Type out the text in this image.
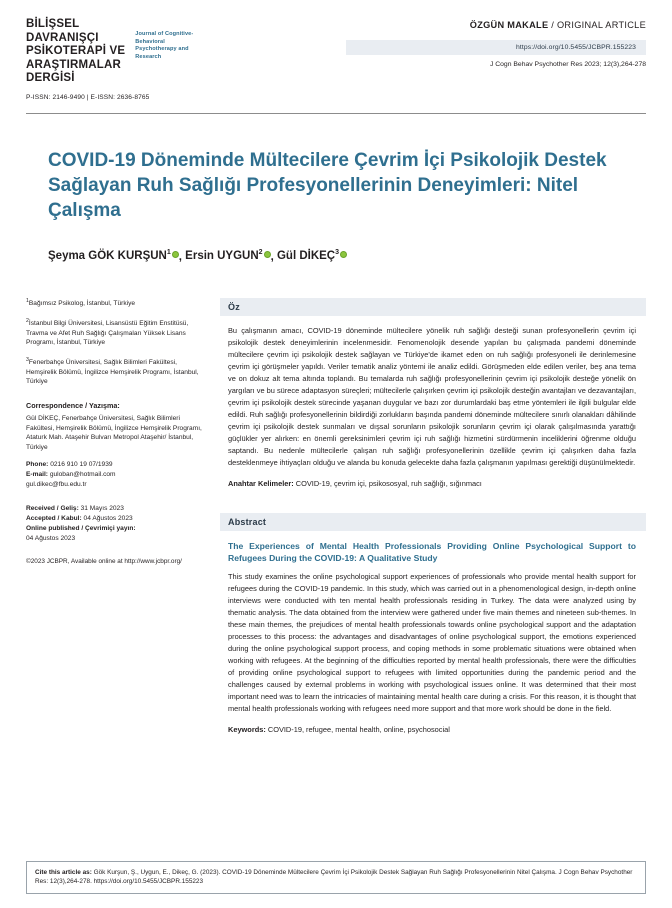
BİLİŞSEL
DAVRANIŞÇI
PSİKOTERAPİ VE
ARAŞTIRMALAR
DERGİSİ
Journal of Cognitive-Behavioral Psychotherapy and Research
P-ISSN: 2146-9490 | E-ISSN: 2636-8765
ÖZGÜN MAKALE / ORIGINAL ARTICLE
https://doi.org/10.5455/JCBPR.155223
J Cogn Behav Psychother Res 2023; 12(3),264-278
COVID-19 Döneminde Mültecilere Çevrim İçi Psikolojik Destek Sağlayan Ruh Sağlığı Profesyonellerinin Deneyimleri: Nitel Çalışma
Şeyma GÖK KURŞUN$^1$ , Ersin UYGUN$^2$ , Gül DİKEÇ$^3$
$^1$Bağımsız Psikolog, İstanbul, Türkiye
$^2$İstanbul Bilgi Üniversitesi, Lisansüstü Eğitim Enstitüsü, Travma ve Afet Ruh Sağlığı Çalışmaları Yüksek Lisans Programı, İstanbul, Türkiye
$^3$Fenerbahçe Üniversitesi, Sağlık Bilimleri Fakültesi, Hemşirelik Bölümü, İngilizce Hemşirelik Programı, İstanbul, Türkiye
Correspondence / Yazışma:
Gül DİKEÇ, Fenerbahçe Üniversitesi, Sağlık Bilimleri Fakültesi, Hemşirelik Bölümü, İngilizce Hemşirelik Programı, Ataturk Mah. Ataşehir Bulvarı Metropol Ataşehir/ İstanbul, Türkiye
Phone: 0216 910 19 07/1939
E-mail: guloban@hotmail.com
gul.dikec@fbu.edu.tr
Received / Geliş: 31 Mayıs 2023
Accepted / Kabul: 04 Ağustos 2023
Online published / Çevrimiçi yayın:
04 Ağustos 2023
©2023 JCBPR, Available online at http://www.jcbpr.org/
Öz

Bu çalışmanın amacı, COVID-19 döneminde mültecilere yönelik ruh sağlığı desteği sunan profesyonellerin çevrim içi psikolojik destek deneyimlerinin incelenmesidir. Fenomenolojik desende yapılan bu çalışmada pandemi döneminde mültecilere çevrim içi psikolojik destek sağlayan ve Türkiye'de ikamet eden on ruh sağlığı profesyoneli ile derinlemesine çevrim içi görüşmeler yapıldı. Veriler tematik analiz yöntemi ile analiz edildi. Görüşmeden elde edilen veriler, beş ana tema ve on dokuz alt tema altında toplandı. Bu temalarda ruh sağlığı profesyonellerinin çevrim içi psikolojik desteğe yönelik ön yargıları ve bu sürece adaptasyon süreçleri; mültecilerle çalışırken çevrim içi psikolojik desteğin avantajları ve dezavantajları, çevrim içi psikolojik destek sürecinde yaşanan duygular ve bazı zor durumlardaki baş etme yöntemleri ile ilgili bulgular elde edildi. Ruh sağlığı profesyonellerinin bildirdiği zorlukların başında pandemi döneminde mültecilere sınırlı olanakları dâhilinde çevrim içi psikolojik destek sunmaları ve dışsal sorunların psikolojik sorunların çevrim içi olarak çalışılmasında yarattığı güçlükler yer alırken: en önemli gereksinimleri çevrim içi ruh sağlığı hizmetini sürdürmenin inceliklerini öğrenme olduğu saptandı. Bu nedenle mültecilerle çalışan ruh sağlığı profesyonellerinin özellikle çevrim içi çalışırken daha fazla desteklenmeye ihtiyaçları olduğu ve alanda bu konuda gelecekte daha fazla çalışmanın yapılması gerektiği düşünülmektedir.

Anahtar Kelimeler: COVID-19, çevrim içi, psikososyal, ruh sağlığı, sığınmacı
Abstract
The Experiences of Mental Health Professionals Providing Online Psychological Support to Refugees During the COVID-19: A Qualitative Study

This study examines the online psychological support experiences of professionals who provide mental health support for refugees during the COVID-19 pandemic. In this study, which was carried out in a phenomenological design, in-depth online interviews were conducted with ten mental health professionals residing in Turkey. The data were analyzed using by thematic analysis. The data obtained from the interview were gathered under five main themes and nineteen sub-themes. In these main themes, the prejudices of mental health professionals towards online psychological support and the adaptation processes to this process: the advantages and disadvantages of online psychological support, the emotions experienced during the online psychological support process, and coping methods in some problematic situations were obtained when working with refugees. At the beginning of the difficulties reported by mental health professionals, there were the difficulties of providing online psychological support to refugees with limited opportunities during the pandemic period and the challenges caused by external problems in working with psychological issues online. It was determined that their most important need was to learn the intricacies of maintaining mental health care during a crisis. For this reason, it is thought that mental health professionals working with refugees need more support and that more work should be done in the field.

Keywords: COVID-19, refugee, mental health, online, psychosocial
Cite this article as: Gök Kurşun, Ş., Uygun, E., Dikeç, G. (2023). COVID-19 Döneminde Mültecilere Çevrim İçi Psikolojik Destek Sağlayan Ruh Sağlığı Profesyonellerinin Nitel Çalışma. J Cogn Behav Psychother Res: 12(3),264-278. https://doi.org/10.5455/JCBPR.155223
